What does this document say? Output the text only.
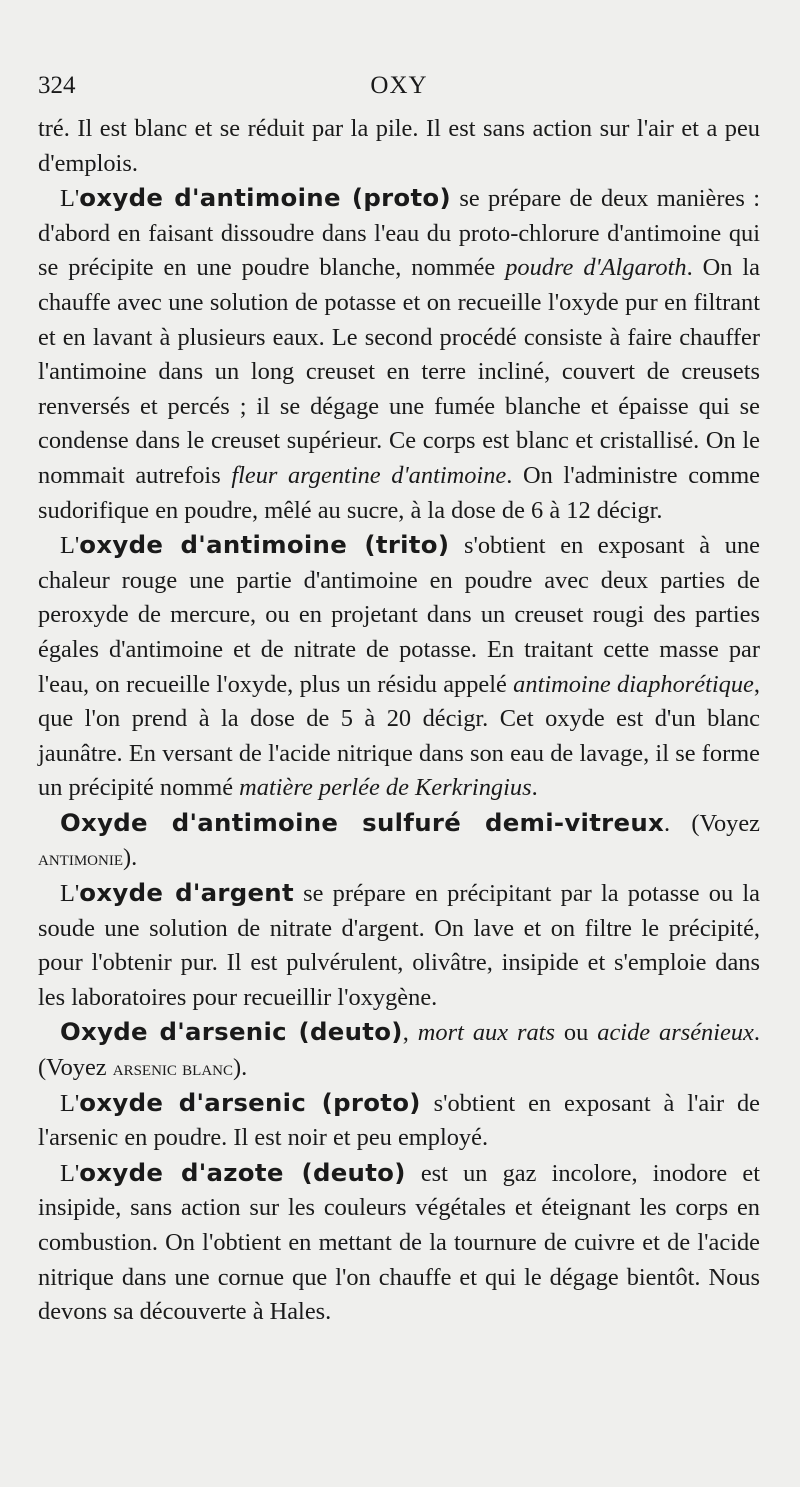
324	OXY

tré. Il est blanc et se réduit par la pile. Il est sans action sur l'air et a peu d'emplois.

L'oxyde d'antimoine (proto) se prépare de deux manières : d'abord en faisant dissoudre dans l'eau du proto-chlorure d'antimoine qui se précipite en une poudre blanche, nommée poudre d'Algaroth. On la chauffe avec une solution de potasse et on recueille l'oxyde pur en filtrant et en lavant à plusieurs eaux. Le second procédé consiste à faire chauffer l'antimoine dans un long creuset en terre incliné, couvert de creusets renversés et percés ; il se dégage une fumée blanche et épaisse qui se condense dans le creuset supérieur. Ce corps est blanc et cristallisé. On le nommait autrefois fleur argentine d'antimoine. On l'administre comme sudorifique en poudre, mêlé au sucre, à la dose de 6 à 12 décigr.

L'oxyde d'antimoine (trito) s'obtient en exposant à une chaleur rouge une partie d'antimoine en poudre avec deux parties de peroxyde de mercure, ou en projetant dans un creuset rougi des parties égales d'antimoine et de nitrate de potasse. En traitant cette masse par l'eau, on recueille l'oxyde, plus un résidu appelé antimoine diaphorétique, que l'on prend à la dose de 5 à 20 décigr. Cet oxyde est d'un blanc jaunâtre. En versant de l'acide nitrique dans son eau de lavage, il se forme un précipité nommé matière perlée de Kerkringius.

Oxyde d'antimoine sulfuré demi-vitreux. (Voyez antimonie).

L'oxyde d'argent se prépare en précipitant par la potasse ou la soude une solution de nitrate d'argent. On lave et on filtre le précipité, pour l'obtenir pur. Il est pulvérulent, olivâtre, insipide et s'emploie dans les laboratoires pour recueillir l'oxygène.

Oxyde d'arsenic (deuto), mort aux rats ou acide arsénieux. (Voyez arsenic blanc).

L'oxyde d'arsenic (proto) s'obtient en exposant à l'air de l'arsenic en poudre. Il est noir et peu employé.

L'oxyde d'azote (deuto) est un gaz incolore, inodore et insipide, sans action sur les couleurs végétales et éteignant les corps en combustion. On l'obtient en mettant de la tournure de cuivre et de l'acide nitrique dans une cornue que l'on chauffe et qui le dégage bientôt. Nous devons sa découverte à Hales.
